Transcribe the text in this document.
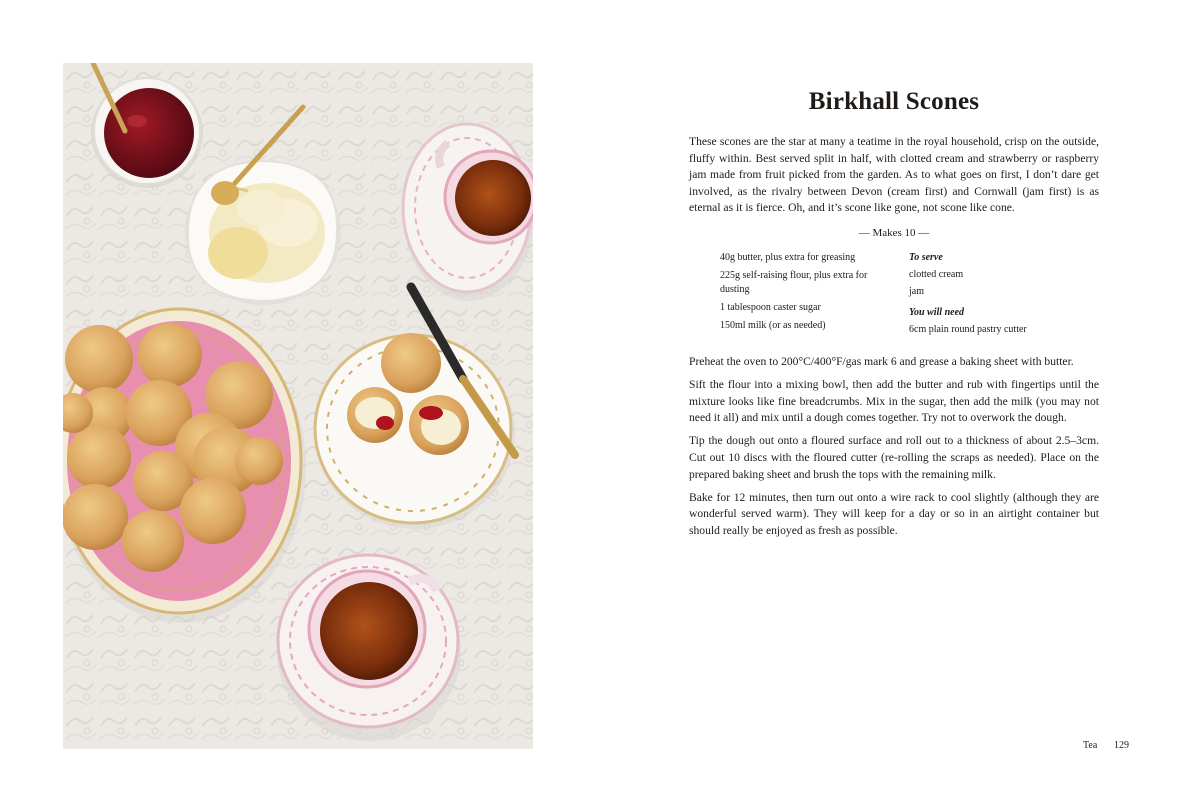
Birkhall Scones
These scones are the star at many a teatime in the royal household, crisp on the outside, fluffy within. Best served split in half, with clotted cream and strawberry or raspberry jam made from fruit picked from the garden. As to what goes on first, I don’t dare get involved, as the rivalry between Devon (cream first) and Cornwall (jam first) is as eternal as it is fierce. Oh, and it’s scone like gone, not scone like cone.
— Makes 10 —
40g butter, plus extra for greasing
225g self-raising flour, plus extra for dusting
1 tablespoon caster sugar
150ml milk (or as needed)
To serve
clotted cream
jam
You will need
6cm plain round pastry cutter

Preheat the oven to 200°C/400°F/gas mark 6 and grease a baking sheet with butter.

Sift the flour into a mixing bowl, then add the butter and rub with fingertips until the mixture looks like fine breadcrumbs. Mix in the sugar, then add the milk (you may not need it all) and mix until a dough comes together. Try not to overwork the dough.

Tip the dough out onto a floured surface and roll out to a thickness of about 2.5–3cm. Cut out 10 discs with the floured cutter (re-rolling the scraps as needed). Place on the prepared baking sheet and brush the tops with the remaining milk.

Bake for 12 minutes, then turn out onto a wire rack to cool slightly (although they are wonderful served warm). They will keep for a day or so in an airtight container but should really be enjoyed as fresh as possible.

Tea 129
